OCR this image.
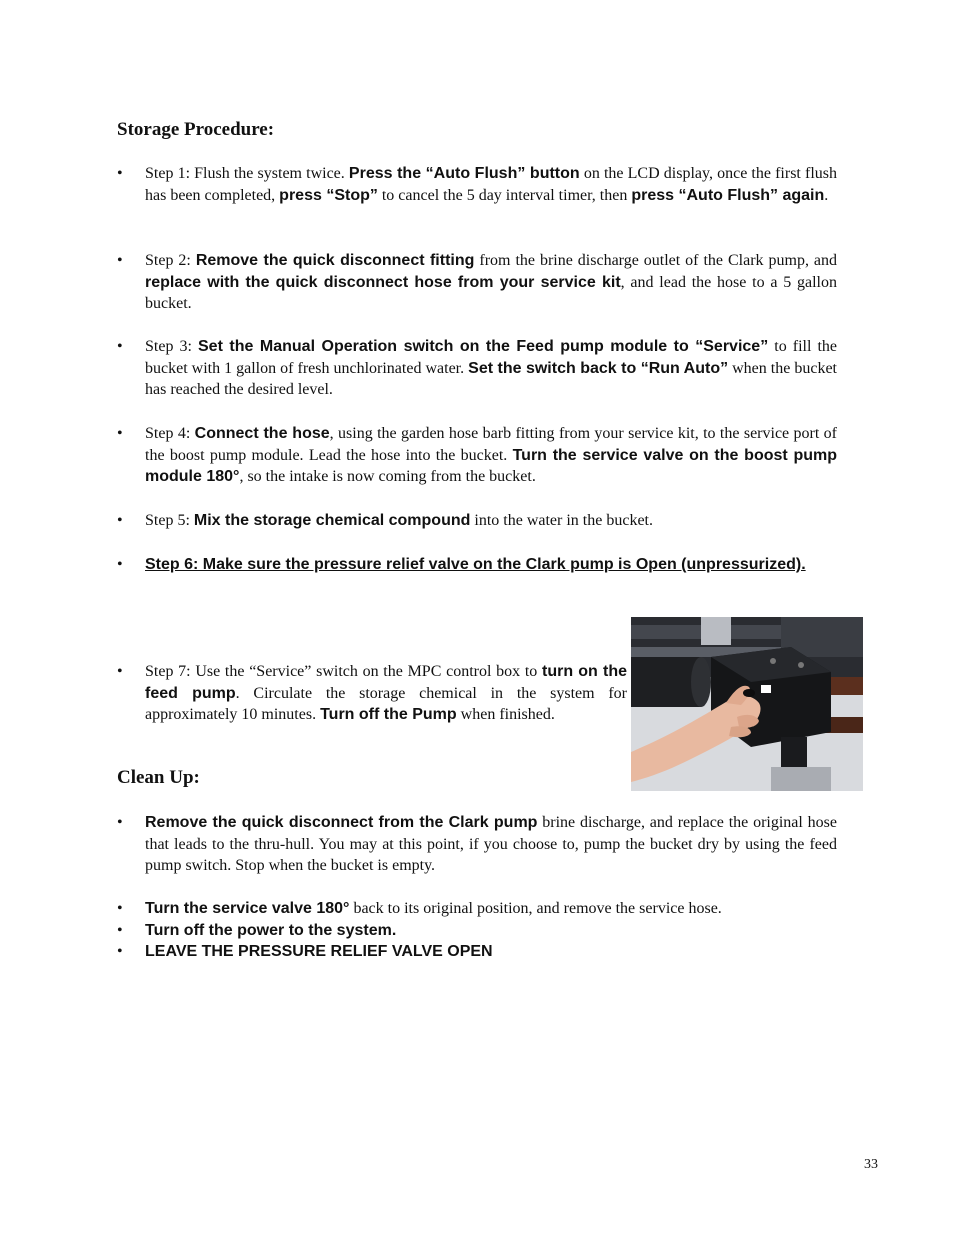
Storage Procedure:
•	Step 1: Flush the system twice. Press the “Auto Flush” button on the LCD display, once the first flush has been completed, press “Stop” to cancel the 5 day interval timer, then press “Auto Flush” again.
•	Step 2: Remove the quick disconnect fitting from the brine discharge outlet of the Clark pump, and replace with the quick disconnect hose from your service kit, and lead the hose to a 5 gallon bucket.
•	Step 3: Set the Manual Operation switch on the Feed pump module to “Service” to fill the bucket with 1 gallon of fresh unchlorinated water. Set the switch back to “Run Auto” when the bucket has reached the desired level.
•	Step 4: Connect the hose, using the garden hose barb fitting from your service kit, to the service port of the boost pump module. Lead the hose into the bucket. Turn the service valve on the boost pump module 180°, so the intake is now coming from the bucket.
•	Step 5: Mix the storage chemical compound into the water in the bucket.
•	Step 6: Make sure the pressure relief valve on the Clark pump is Open (unpressurized).
•	Step 7: Use the “Service” switch on the MPC control box to turn on the feed pump. Circulate the storage chemical in the system for approximately 10 minutes. Turn off the Pump when finished.
Clean Up:
•	Remove the quick disconnect from the Clark pump brine discharge, and replace the original hose that leads to the thru-hull. You may at this point, if you choose to, pump the bucket dry by using the feed pump switch. Stop when the bucket is empty.
•	Turn the service valve 180° back to its original position, and remove the service hose.
•	Turn off the power to the system.
•	LEAVE THE PRESSURE RELIEF VALVE OPEN
33
